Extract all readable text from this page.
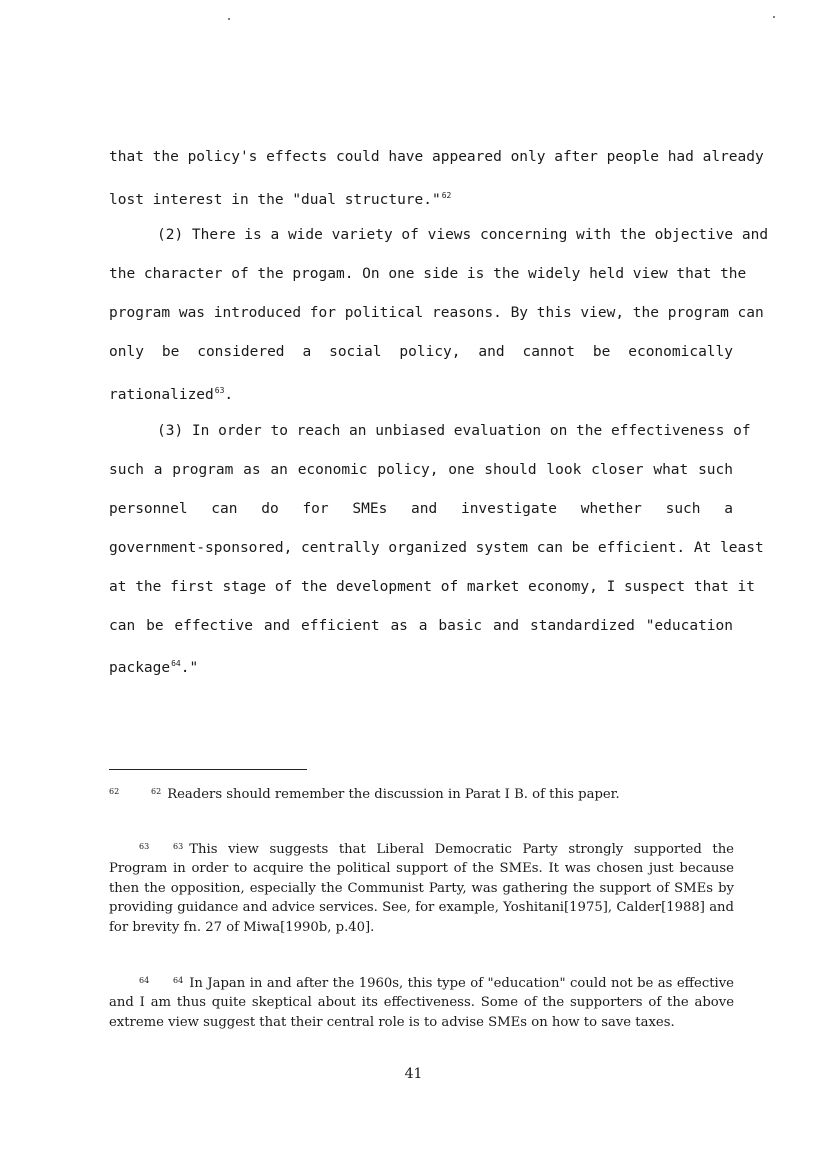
that the policy's effects could have appeared only after people had already
lost interest in the "dual structure."$^{62}$
(2) There is a wide variety of views concerning with the objective and
the character of the progam. On one side is the widely held view that the
program was introduced for political reasons. By this view, the program can
only be considered a social policy, and cannot be economically
rationalized$^{63}$.
(3) In order to reach an unbiased evaluation on the effectiveness of
such a program as an economic policy, one should look closer what such
personnel can do for SMEs and investigate whether such a
government-sponsored, centrally organized system can be efficient. At least
at the first stage of the development of market economy, I suspect that it
can be effective and efficient as a basic and standardized "education
package$^{64}$."
62	$^{62}$ Readers should remember the discussion in Parat I B. of this paper.
63	$^{63}$ This view suggests that Liberal Democratic Party strongly supported the Program in order to acquire the political support of the SMEs. It was chosen just because then the opposition, especially the Communist Party, was gathering the support of SMEs by providing guidance and advice services. See, for example, Yoshitani[1975], Calder[1988] and for brevity fn. 27 of Miwa[1990b, p.40].
64	$^{64}$ In Japan in and after the 1960s, this type of "education" could not be as effective and I am thus quite skeptical about its effectiveness. Some of the supporters of the above extreme view suggest that their central role is to advise SMEs on how to save taxes.
41
